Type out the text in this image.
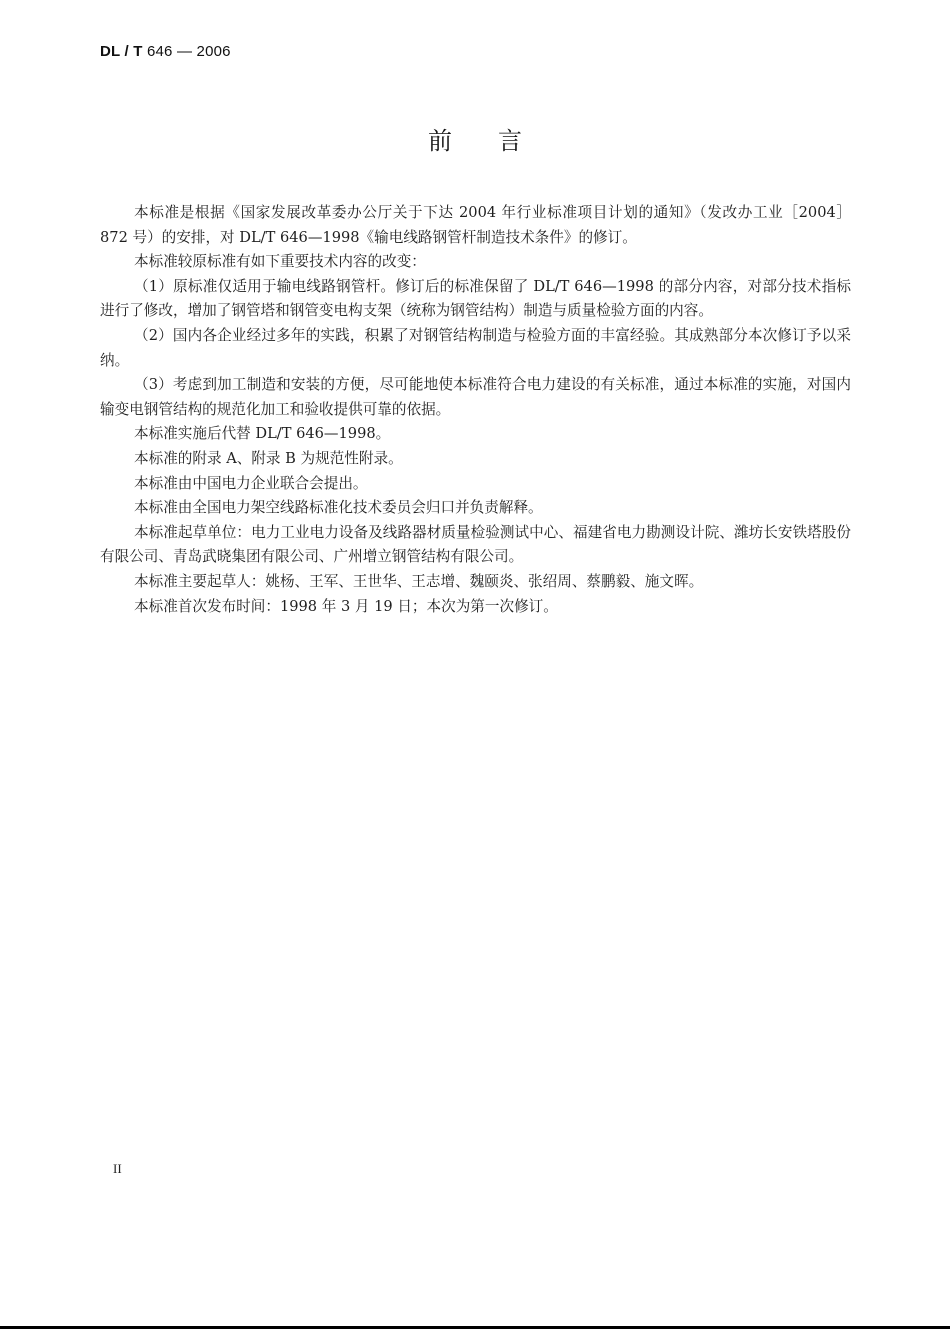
DL / T 646 — 2006
前言

本标准是根据《国家发展改革委办公厅关于下达 2004 年行业标准项目计划的通知》（发改办工业［2004］872 号）的安排，对 DL/T 646—1998《输电线路钢管杆制造技术条件》的修订。

本标准较原标准有如下重要技术内容的改变：

（1）原标准仅适用于输电线路钢管杆。修订后的标准保留了 DL/T 646—1998 的部分内容，对部分技术指标进行了修改，增加了钢管塔和钢管变电构支架（统称为钢管结构）制造与质量检验方面的内容。

（2）国内各企业经过多年的实践，积累了对钢管结构制造与检验方面的丰富经验。其成熟部分本次修订予以采纳。

（3）考虑到加工制造和安装的方便，尽可能地使本标准符合电力建设的有关标准，通过本标准的实施，对国内输变电钢管结构的规范化加工和验收提供可靠的依据。

本标准实施后代替 DL/T 646—1998。

本标准的附录 A、附录 B 为规范性附录。

本标准由中国电力企业联合会提出。

本标准由全国电力架空线路标准化技术委员会归口并负责解释。

本标准起草单位：电力工业电力设备及线路器材质量检验测试中心、福建省电力勘测设计院、潍坊长安铁塔股份有限公司、青岛武晓集团有限公司、广州增立钢管结构有限公司。

本标准主要起草人：姚杨、王军、王世华、王志增、魏颐炎、张绍周、蔡鹏毅、施文晖。

本标准首次发布时间：1998 年 3 月 19 日；本次为第一次修订。

II
